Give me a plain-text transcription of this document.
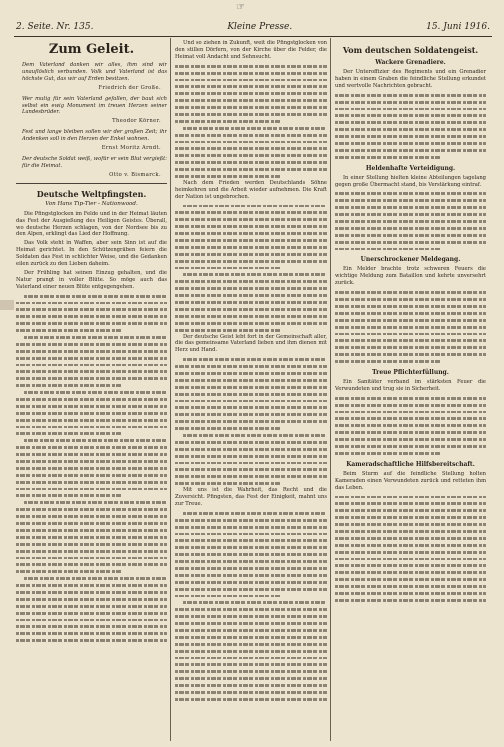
☞
2. Seite. Nr. 135.	Kleine Presse.	15. Juni 1916.
Zum Geleit.

Dem Vaterland danken wir alles, ihm sind wir unauflöslich verbunden. Volk und Vaterland ist das höchste Gut, das wir auf Erden besitzen.

Friedrich der Große.

Wer mutig für sein Vaterland gefallen, der baut sich selbst ein ewig Monument im treuen Herzen seiner Landesbrüder.

Theodor Körner.

Fest und lange bleiben sollen wir der großen Zeit; ihr Andenken soll in den Herzen der Enkel wohnen.

Ernst Moritz Arndt.

Der deutsche Soldat weiß, wofür er sein Blut vergießt: für die Heimat.

Otto v. Bismarck.
Deutsche Weltpfingsten.
Von Hans Tip-Tier - Nationwood.

Die Pfingstglocken im Felde und in der Heimat läuten das Fest der Ausgießung des Heiligen Geistes. Überall, wo deutsche Herzen schlagen, von der Nordsee bis zu den Alpen, erklingt das Lied der Hoffnung.

Das Volk steht in Waffen, aber sein Sinn ist auf die Heimat gerichtet. In den Schützengräben feiern die Soldaten das Fest in schlichter Weise, und die Gedanken eilen zurück zu den Lieben daheim.

Der Frühling hat seinen Einzug gehalten, und die Natur prangt in voller Blüte. So möge auch das Vaterland einer neuen Blüte entgegengehen.

Und so ziehen in Zukunft, weit die Pfingstglocken von den stillen Dörfern, von der Kirche über die Felder, die Heimat voll Andacht und Sehnsucht.

Nach dem Frieden werden Deutschlands Söhne heimkehren und die Arbeit wieder aufnehmen. Die Kraft der Nation ist ungebrochen.

Der deutsche Geist lebt fort in der Gemeinschaft aller, die das gemeinsame Vaterland lieben und ihm dienen mit Herz und Hand.

Mit uns ist die Wahrheit, das Recht und die Zuversicht. Pfingsten, das Fest der Einigkeit, mahnt uns zur Treue.

Vom deutschen Soldatengeist.
Wackere Grenadiere.

Der Unteroffizier des Regiments und ein Grenadier haben in einem Graben die feindliche Stellung erkundet und wertvolle Nachrichten gebracht.

Heldenhafte Verteidigung.

In einer Stellung hielten kleine Abteilungen tagelang gegen große Übermacht stand, bis Verstärkung eintraf.

Unerschrockener Meldegang.

Ein Melder brachte trotz schweren Feuers die wichtige Meldung zum Bataillon und kehrte unversehrt zurück.

Treue Pflichterfüllung.

Ein Sanitäter verband im stärksten Feuer die Verwundeten und trug sie in Sicherheit.

Kameradschaftliche Hilfsbereitschaft.

Beim Sturm auf die feindliche Stellung holten Kameraden einen Verwundeten zurück und retteten ihm das Leben.
